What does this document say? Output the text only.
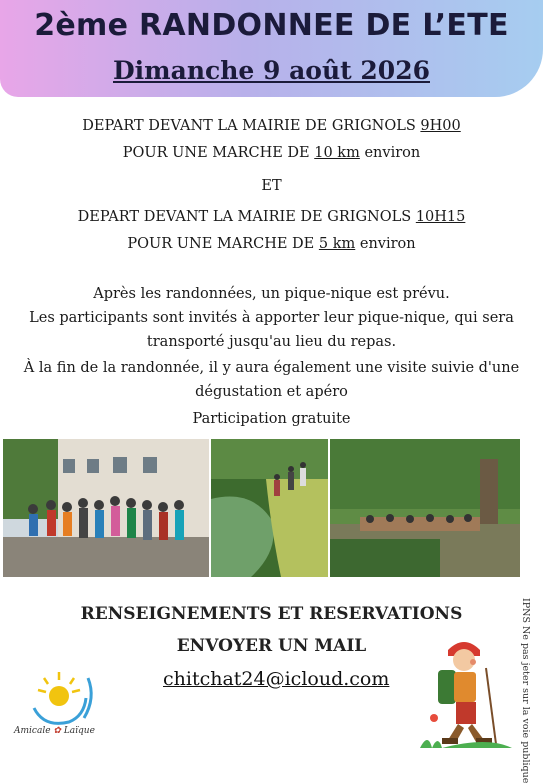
2ème RANDONNEE DE L’ETE
Dimanche 9 août 2026
DEPART DEVANT LA MAIRIE DE GRIGNOLS 9H00
POUR UNE MARCHE DE 10 km environ
ET
DEPART DEVANT LA MAIRIE DE GRIGNOLS 10H15
POUR UNE MARCHE DE 5 km environ
Après les randonnées, un pique-nique est prévu.
Les participants sont invités à apporter leur pique-nique, qui sera
transporté jusqu'au lieu du repas.
À la fin de la randonnée, il y aura également une visite suivie d'une
dégustation et apéro
Participation gratuite
RENSEIGNEMENTS ET RESERVATIONS
ENVOYER UN MAIL
chitchat24@icloud.com
Amicale ✿ Laïque	IPNS Ne pas jeter sur la voie publique
